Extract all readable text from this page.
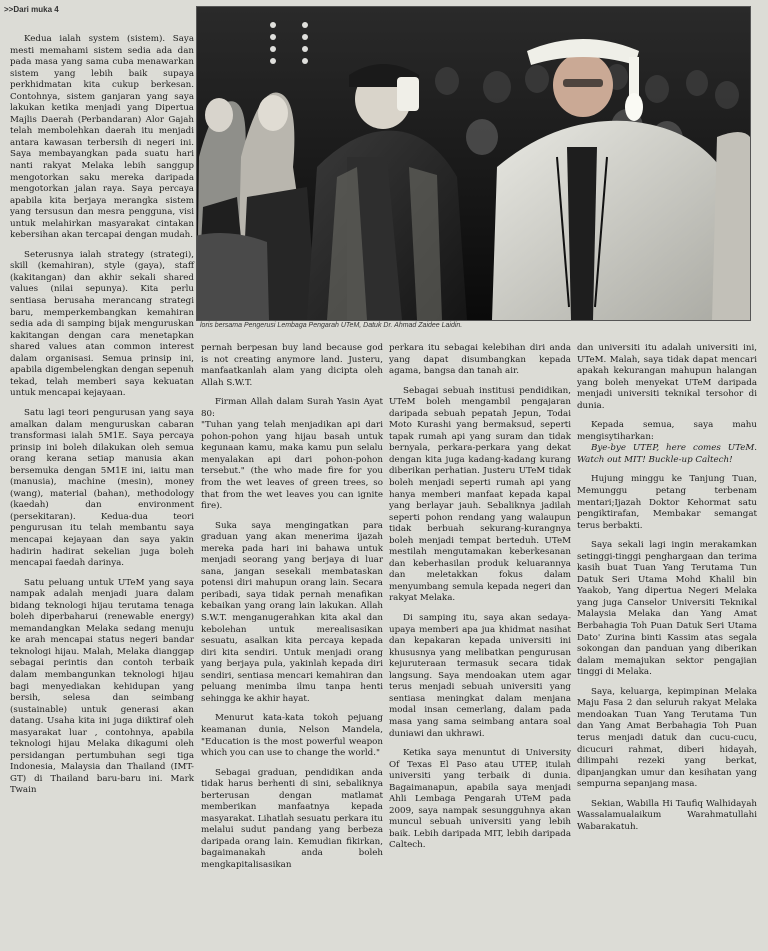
>>Dari muka 4
loris bersama Pengerusi Lembaga Pengarah UTeM, Datuk Dr. Ahmad Zaidee Laidin.

Kedua ialah system (sistem). Saya mesti memahami sistem sedia ada dan pada masa yang sama cuba menawarkan sistem yang lebih baik supaya perkhidmatan kita cukup berkesan. Contohnya, sistem ganjaran yang saya lakukan ketika menjadi yang Dipertua Majlis Daerah (Perbandaran) Alor Gajah telah membolehkan daerah itu menjadi antara kawasan terbersih di negeri ini. Saya membayangkan pada suatu hari nanti rakyat Melaka lebih sanggup mengotorkan saku mereka daripada mengotorkan jalan raya. Saya percaya apabila kita berjaya merangka sistem yang tersusun dan mesra pengguna, visi untuk melahirkan masyarakat cintakan kebersihan akan tercapai dengan mudah.

Seterusnya ialah strategy (strategi), skill (kemahiran), style (gaya), staff (kakitangan) dan akhir sekali shared values (nilai sepunya). Kita perlu sentiasa berusaha merancang strategi baru, memperkembangkan kemahiran sedia ada di samping bijak menguruskan kakitangan dengan cara menetapkan shared values atan common interest dalam organisasi. Semua prinsip ini, apabila digembelengkan dengan sepenuh tekad, telah memberi saya kekuatan untuk mencapai kejayaan.

Satu lagi teori pengurusan yang saya amalkan dalam menguruskan cabaran transformasi ialah 5M1E. Saya percaya prinsip ini boleh dilakukan oleh semua orang kerana setiap manusia akan bersemuka dengan 5M1E ini, iaitu man (manusia), machine (mesin), money (wang), material (bahan), methodology (kaedah) dan environment (persekitaran). Kedua-dua teori pengurusan itu telah membantu saya mencapai kejayaan dan saya yakin hadirin hadirat sekelian juga boleh mencapai faedah darinya.

Satu peluang untuk UTeM yang saya nampak adalah menjadi juara dalam bidang teknologi hijau terutama tenaga boleh diperbaharui (renewable energy) memandangkan Melaka sedang menuju ke arah mencapai status negeri bandar teknologi hijau. Malah, Melaka dianggap sebagai perintis dan contoh terbaik dalam membangunkan teknologi hijau bagi menyediakan kehidupan yang bersih, selesa dan seimbang (sustainable) untuk generasi akan datang. Usaha kita ini juga diiktiraf oleh masyarakat luar , contohnya, apabila teknologi hijau Melaka dikagumi oleh persidangan pertumbuhan segi tiga Indonesia, Malaysia dan Thailand (IMT-GT) di Thailand baru-baru ini. Mark Twain

pernah berpesan buy land because god is not creating anymore land. Justeru, manfaatkanlah alam yang dicipta oleh Allah S.W.T.

Firman Allah dalam Surah Yasin Ayat 80:

"Tuhan yang telah menjadikan api dari pohon-pohon yang hijau basah untuk kegunaan kamu, maka kamu pun selalu menyalakan api dari pohon-pohon tersebut." (the who made fire for you from the wet leaves of green trees, so that from the wet leaves you can ignite fire).

Suka saya mengingatkan para graduan yang akan menerima ijazah mereka pada hari ini bahawa untuk menjadi seorang yang berjaya di luar sana, jangan sesekali membataskan potensi diri mahupun orang lain. Secara peribadi, saya tidak pernah menafikan kebaikan yang orang lain lakukan. Allah S.W.T. menganugerahkan kita akal dan kebolehan untuk merealisasikan sesuatu, asalkan kita percaya kepada diri kita sendiri. Untuk menjadi orang yang berjaya pula, yakinlah kepada diri sendiri, sentiasa mencari kemahiran dan peluang menimba ilmu tanpa henti sehingga ke akhir hayat.

Menurut kata-kata tokoh pejuang keamanan dunia, Nelson Mandela, "Education is the most powerful weapon which you can use to change the world."

Sebagai graduan, pendidikan anda tidak harus berhenti di sini, sebaliknya berterusan dengan matlamat memberikan manfaatnya kepada masyarakat. Lihatlah sesuatu perkara itu melalui sudut pandang yang berbeza daripada orang lain. Kemudian fikirkan, bagaimanakah anda boleh mengkapitalisasikan

perkara itu sebagai kelebihan diri anda yang dapat disumbangkan kepada agama, bangsa dan tanah air.

Sebagai sebuah institusi pendidikan, UTeM boleh mengambil pengajaran daripada sebuah pepatah Jepun, Todai Moto Kurashi yang bermaksud, seperti tapak rumah api yang suram dan tidak bernyala, perkara-perkara yang dekat dengan kita juga kadang-kadang kurang diberikan perhatian. Justeru UTeM tidak boleh menjadi seperti rumah api yang hanya memberi manfaat kepada kapal yang berlayar jauh. Sebaliknya jadilah seperti pohon rendang yang walaupun tidak berbuah sekurang-kurangnya boleh menjadi tempat berteduh. UTeM mestilah mengutamakan keberkesanan dan keberhasilan produk keluarannya dan meletakkan fokus dalam menyumbang semula kepada negeri dan rakyat Melaka.

Di samping itu, saya akan sedaya-upaya memberi apa jua khidmat nasihat dan kepakaran kepada universiti ini khususnya yang melibatkan pengurusan kejuruteraan termasuk secara tidak langsung. Saya mendoakan utem agar terus menjadi sebuah universiti yang sentiasa meningkat dalam menjana modal insan cemerlang, dalam pada masa yang sama seimbang antara soal duniawi dan ukhrawi.

Ketika saya menuntut di University Of Texas El Paso atau UTEP, itulah universiti yang terbaik di dunia. Bagaimanapun, apabila saya menjadi Ahli Lembaga Pengarah UTeM pada 2009, saya nampak sesungguhnya akan muncul sebuah universiti yang lebih baik. Lebih daripada MIT, lebih daripada Caltech.

dan universiti itu adalah universiti ini, UTeM. Malah, saya tidak dapat mencari apakah kekurangan mahupun halangan yang boleh menyekat UTeM daripada menjadi universiti teknikal tersohor di dunia.

Kepada semua, saya mahu mengisytiharkan:

Bye-bye UTEP, here comes UTeM. Watch out MIT! Buckle-up Caltech!

Hujung minggu ke Tanjung Tuan, Memunggu petang terbenam mentari;Ijazah Doktor Kehormat satu pengiktirafan, Membakar semangat terus berbakti.

Saya sekali lagi ingin merakamkan setinggi-tinggi penghargaan dan terima kasih buat Tuan Yang Terutama Tun Datuk Seri Utama Mohd Khalil bin Yaakob, Yang dipertua Negeri Melaka yang juga Canselor Universiti Teknikal Malaysia Melaka dan Yang Amat Berbahagia Toh Puan Datuk Seri Utama Dato' Zurina binti Kassim atas segala sokongan dan panduan yang diberikan dalam memajukan sektor pengajian tinggi di Melaka.

Saya, keluarga, kepimpinan Melaka Maju Fasa 2 dan seluruh rakyat Melaka mendoakan Tuan Yang Terutama Tun dan Yang Amat Berbahagia Toh Puan terus menjadi datuk dan cucu-cucu, dicucuri rahmat, diberi hidayah, dilimpahi rezeki yang berkat, dipanjangkan umur dan kesihatan yang sempurna sepanjang masa.

Sekian, Wabilla Hi Taufiq Walhidayah Wassalamualaikum Warahmatullahi Wabarakatuh.
